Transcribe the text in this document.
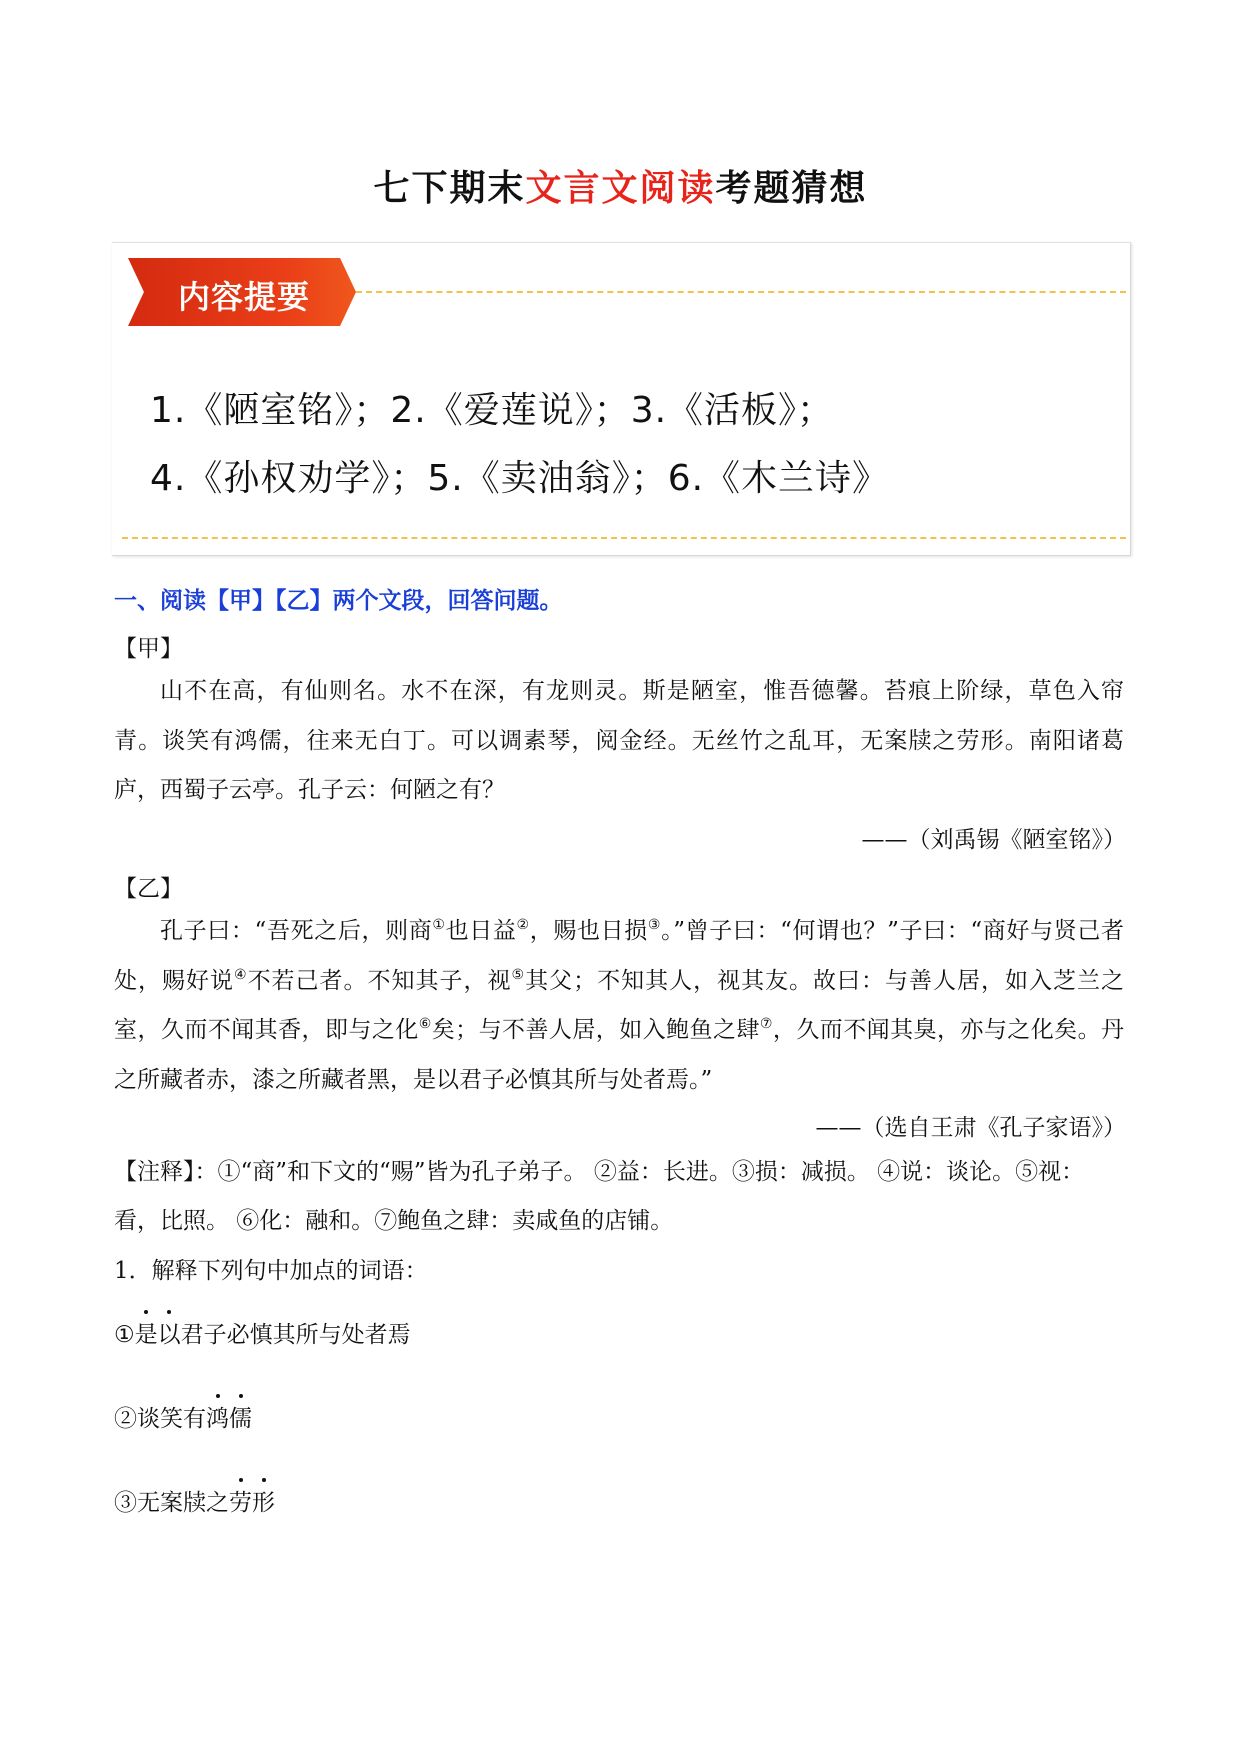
七下期末文言文阅读考题猜想
内容提要
1.《陋室铭》；2.《爱莲说》；3.《活板》；
4.《孙权劝学》；5.《卖油翁》；6.《木兰诗》
一、阅读【甲】【乙】两个文段，回答问题。
【甲】

山不在高，有仙则名。水不在深，有龙则灵。斯是陋室，惟吾德馨。苔痕上阶绿，草色入帘青。谈笑有鸿儒，往来无白丁。可以调素琴，阅金经。无丝竹之乱耳，无案牍之劳形。南阳诸葛庐，西蜀子云亭。孔子云：何陋之有？

——（刘禹锡《陋室铭》）
【乙】

孔子曰：“吾死之后，则商①也日益②，赐也日损③。”曾子曰：“何谓也？”子曰：“商好与贤己者处，赐好说④不若己者。不知其子，视⑤其父；不知其人，视其友。故曰：与善人居，如入芝兰之室，久而不闻其香，即与之化⑥矣；与不善人居，如入鲍鱼之肆⑦，久而不闻其臭，亦与之化矣。丹之所藏者赤，漆之所藏者黑，是以君子必慎其所与处者焉。”

——（选自王肃《孔子家语》）
【注释】：①“商”和下文的“赐”皆为孔子弟子。 ②益：长进。③损：减损。 ④说：谈论。⑤视：看，比照。 ⑥化：融和。⑦鲍鱼之肆：卖咸鱼的店铺。
1．解释下列句中加点的词语：
①是以君子必慎其所与处者焉
②谈笑有鸿儒
③无案牍之劳形
